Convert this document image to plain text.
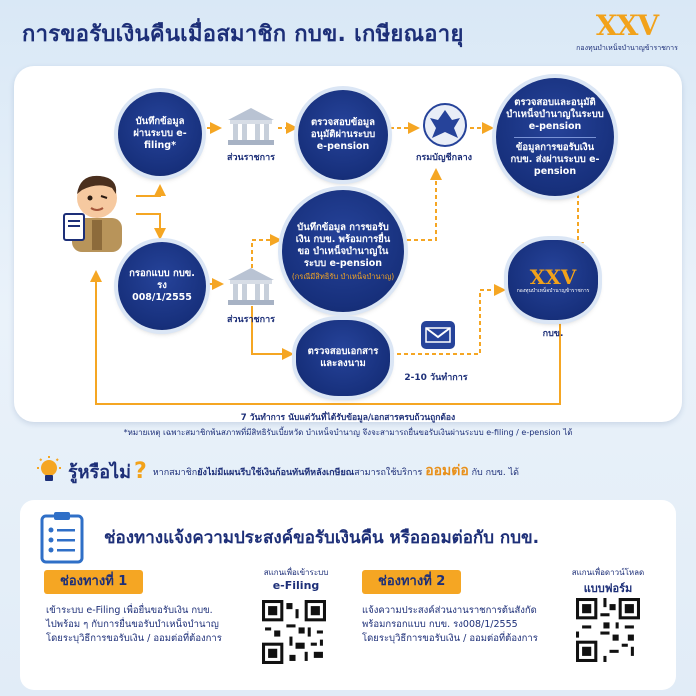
การขอรับเงินคืนเมื่อสมาชิก กบข. เกษียณอายุ	XXV
กองทุนบำเหน็จบำนาญข้าราชการ
บันทึกข้อมูล ผ่านระบบ e-filing*
ส่วนราชการ
ตรวจสอบข้อมูล อนุมัติผ่านระบบ e-pension
กรมบัญชีกลาง
ตรวจสอบและอนุมัติ บำเหน็จบำนาญในระบบ e-pension
ข้อมูลการขอรับเงิน กบข. ส่งผ่านระบบ e-pension
บันทึกข้อมูล การขอรับเงิน กบข. พร้อมการยื่นขอ บำเหน็จบำนาญในระบบ e-pension
(กรณีมีสิทธิรับ บำเหน็จบำนาญ)
กรอกแบบ กบข. รง 008/1/2555
ส่วนราชการ
XXV
กองทุนบำเหน็จบำนาญข้าราชการ
กบข.
ตรวจสอบเอกสาร และลงนาม
2-10 วันทำการ
7 วันทำการ นับแต่วันที่ได้รับข้อมูล/เอกสารครบถ้วนถูกต้อง
*หมายเหตุ เฉพาะสมาชิกพ้นสภาพที่มีสิทธิรับเบี้ยหวัด บำเหน็จบำนาญ จึงจะสามารถยื่นขอรับเงินผ่านระบบ e-filing / e-pension ได้
รู้หรือไม่ ? หากสมาชิกยังไม่มีแผนรีบใช้เงินก้อนทันทีหลังเกษียณสามารถใช้บริการ ออมต่อ กับ กบข. ได้
ช่องทางแจ้งความประสงค์ขอรับเงินคืน หรือออมต่อกับ กบข.
ช่องทางที่ 1
เข้าระบบ e-Filing เพื่อยื่นขอรับเงิน กบข.
ไปพร้อม ๆ กับการยื่นขอรับบำเหน็จบำนาญ
โดยระบุวิธีการขอรับเงิน / ออมต่อที่ต้องการ
สแกนเพื่อเข้าระบบ
e-Filing	ช่องทางที่ 2
แจ้งความประสงค์ส่วนงานราชการต้นสังกัด
พร้อมกรอกแบบ กบข. รง008/1/2555
โดยระบุวิธีการขอรับเงิน / ออมต่อที่ต้องการ
สแกนเพื่อดาวน์โหลด
แบบฟอร์ม
